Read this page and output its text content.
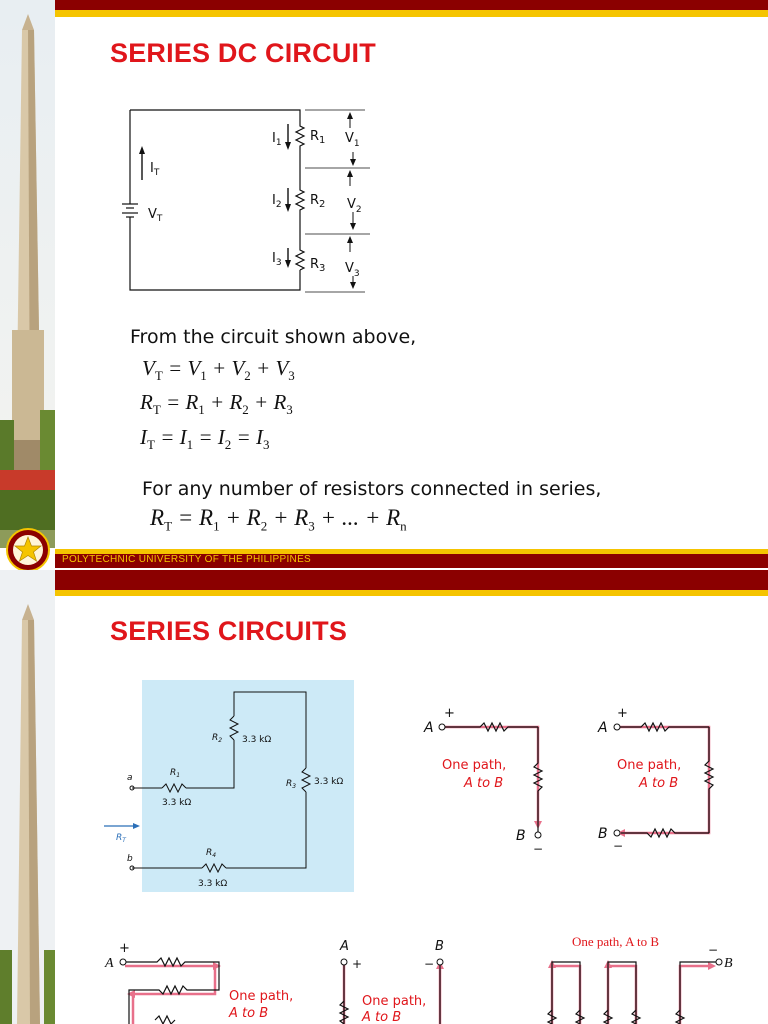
SERIES DC CIRCUIT
$I_T$
$V_T$
$I_1$
$I_2$
$I_3$
$R_1$
$R_2$
$R_3$
$V_1$
$V_2$
$V_3$
From the circuit shown above,
$V_T = V_1 + V_2 + V_3$
$R_T = R_1 + R_2 + R_3$
$I_T = I_1 = I_2 = I_3$
For any number of resistors connected in series,
$R_T = R_1 + R_2 + R_3$ + ... + $R_n$
POLYTECHNIC UNIVERSITY OF THE PHILIPPINES
SERIES CIRCUITS
$R_2$ 3.3 kΩ
$R_1$
3.3 kΩ
$R_3$ 3.3 kΩ
$R_4$
3.3 kΩ
a
b
$R_T$
A
B
+
−
One path,
A to B
A
B
+
−
One path,
A to B
A
+
One path,
A to B
A	B
+	−
One path,
A to B
B
−
One path, A to B
